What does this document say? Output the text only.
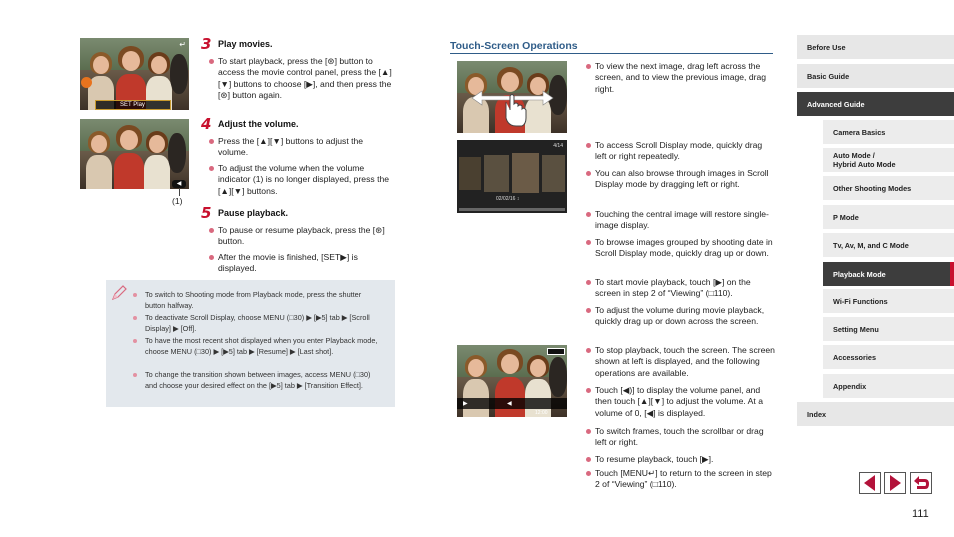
↵
SET Play
◀
(1)
3 Play movies.
To start playback, press the [⊛] button to access the movie control panel, press the [▲][▼] buttons to choose [▶], and then press the [⊛] button again.
4 Adjust the volume.
Press the [▲][▼] buttons to adjust the volume.
To adjust the volume when the volume indicator (1) is no longer displayed, press the [▲][▼] buttons.
5 Pause playback.
To pause or resume playback, press the [⊛] button.
After the movie is finished, [SET▶] is displayed.
To switch to Shooting mode from Playback mode, press the shutter button halfway.
To deactivate Scroll Display, choose MENU (□30) ▶ [▶5] tab ▶ [Scroll Display] ▶ [Off].
To have the most recent shot displayed when you enter Playback mode, choose MENU (□30) ▶ [▶5] tab ▶ [Resume] ▶ [Last shot].
To change the transition shown between images, access MENU (□30) and choose your desired effect on the [▶5] tab ▶ [Transition Effect].
Touch-Screen Operations
4/14
02/02/16 ↕
▶	◀
12:00
To view the next image, drag left across the screen, and to view the previous image, drag right.
To access Scroll Display mode, quickly drag left or right repeatedly.
You can also browse through images in Scroll Display mode by dragging left or right.
Touching the central image will restore single-image display.
To browse images grouped by shooting date in Scroll Display mode, quickly drag up or down.
To start movie playback, touch [▶] on the screen in step 2 of “Viewing” (□110).
To adjust the volume during movie playback, quickly drag up or down across the screen.
To stop playback, touch the screen. The screen shown at left is displayed, and the following operations are available.
Touch [◀)] to display the volume panel, and then touch [▲][▼] to adjust the volume. At a volume of 0, [◀] is displayed.
To switch frames, touch the scrollbar or drag left or right.
To resume playback, touch [▶].
Touch [MENU↵] to return to the screen in step 2 of “Viewing” (□110).
Before Use
Basic Guide
Advanced Guide
Camera Basics
Auto Mode /
Hybrid Auto Mode
Other Shooting Modes
P Mode
Tv, Av, M, and C Mode
Playback Mode
Wi-Fi Functions
Setting Menu
Accessories
Appendix
Index
111
